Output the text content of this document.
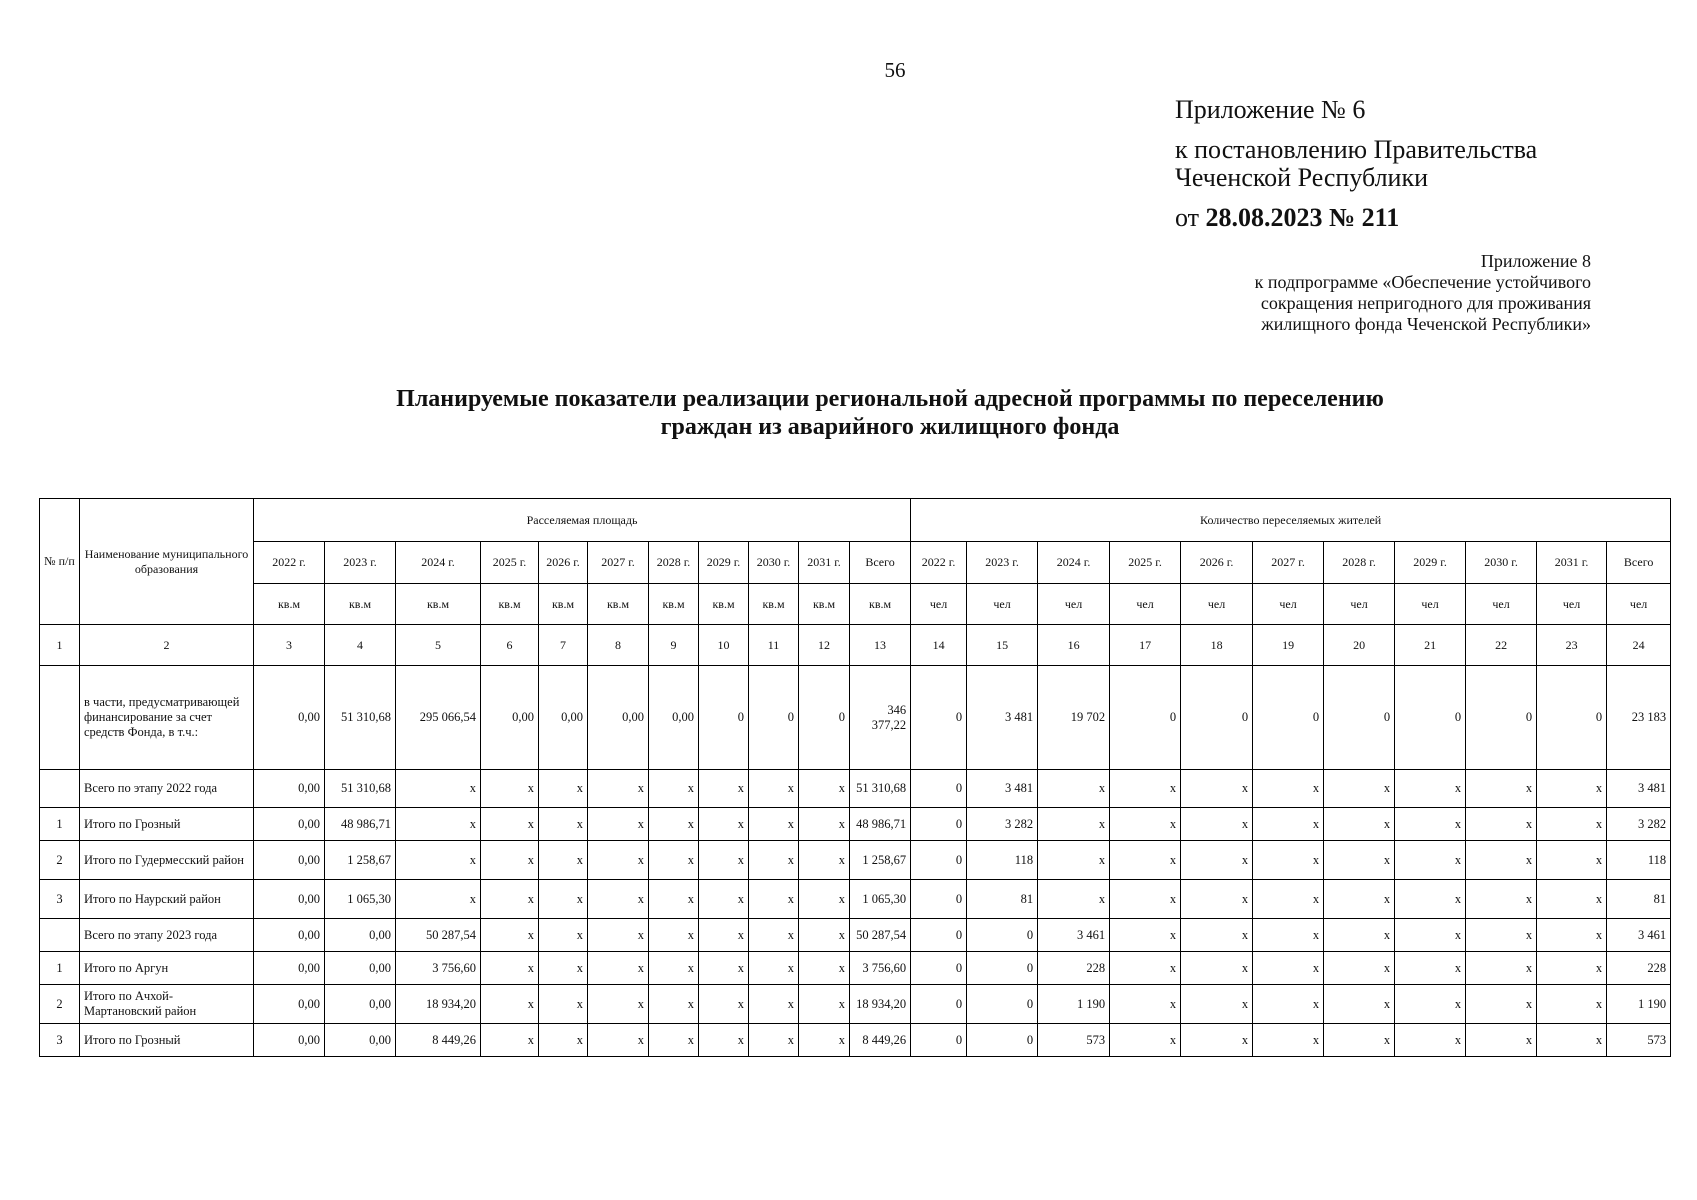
56
Приложение № 6
к постановлению Правительства
Чеченской Республики
от 28.08.2023 № 211
Приложение 8
к подпрограмме «Обеспечение устойчивого
сокращения непригодного для проживания
жилищного фонда Чеченской Республики»
Планируемые показатели реализации региональной адресной программы по переселению
граждан из аварийного жилищного фонда
№ п/п	Наименование муниципального образования	Расселяемая площадь											Количество переселяемых жителей										
		2022 г.	2023 г.	2024 г.	2025 г.	2026 г.	2027 г.	2028 г.	2029 г.	2030 г.	2031 г.	Всего	2022 г.	2023 г.	2024 г.	2025 г.	2026 г.	2027 г.	2028 г.	2029 г.	2030 г.	2031 г.	Всего
		кв.м	кв.м	кв.м	кв.м	кв.м	кв.м	кв.м	кв.м	кв.м	кв.м	кв.м	чел	чел	чел	чел	чел	чел	чел	чел	чел	чел	чел
1	2	3	4	5	6	7	8	9	10	11	12	13	14	15	16	17	18	19	20	21	22	23	24
	в части, предусматривающей финансирование за счет средств Фонда, в т.ч.:	0,00	51 310,68	295 066,54	0,00	0,00	0,00	0,00	0	0	0	346 377,22	0	3 481	19 702	0	0	0	0	0	0	0	23 183
	Всего по этапу 2022 года	0,00	51 310,68	x	x	x	x	x	x	x	x	51 310,68	0	3 481	x	x	x	x	x	x	x	x	3 481
1	Итого по Грозный	0,00	48 986,71	x	x	x	x	x	x	x	x	48 986,71	0	3 282	x	x	x	x	x	x	x	x	3 282
2	Итого по Гудермесский район	0,00	1 258,67	x	x	x	x	x	x	x	x	1 258,67	0	118	x	x	x	x	x	x	x	x	118
3	Итого по Наурский район	0,00	1 065,30	x	x	x	x	x	x	x	x	1 065,30	0	81	x	x	x	x	x	x	x	x	81
	Всего по этапу 2023 года	0,00	0,00	50 287,54	x	x	x	x	x	x	x	50 287,54	0	0	3 461	x	x	x	x	x	x	x	3 461
1	Итого по Аргун	0,00	0,00	3 756,60	x	x	x	x	x	x	x	3 756,60	0	0	228	x	x	x	x	x	x	x	228
2	Итого по Ачхой-Мартановский район	0,00	0,00	18 934,20	x	x	x	x	x	x	x	18 934,20	0	0	1 190	x	x	x	x	x	x	x	1 190
3	Итого по Грозный	0,00	0,00	8 449,26	x	x	x	x	x	x	x	8 449,26	0	0	573	x	x	x	x	x	x	x	573
